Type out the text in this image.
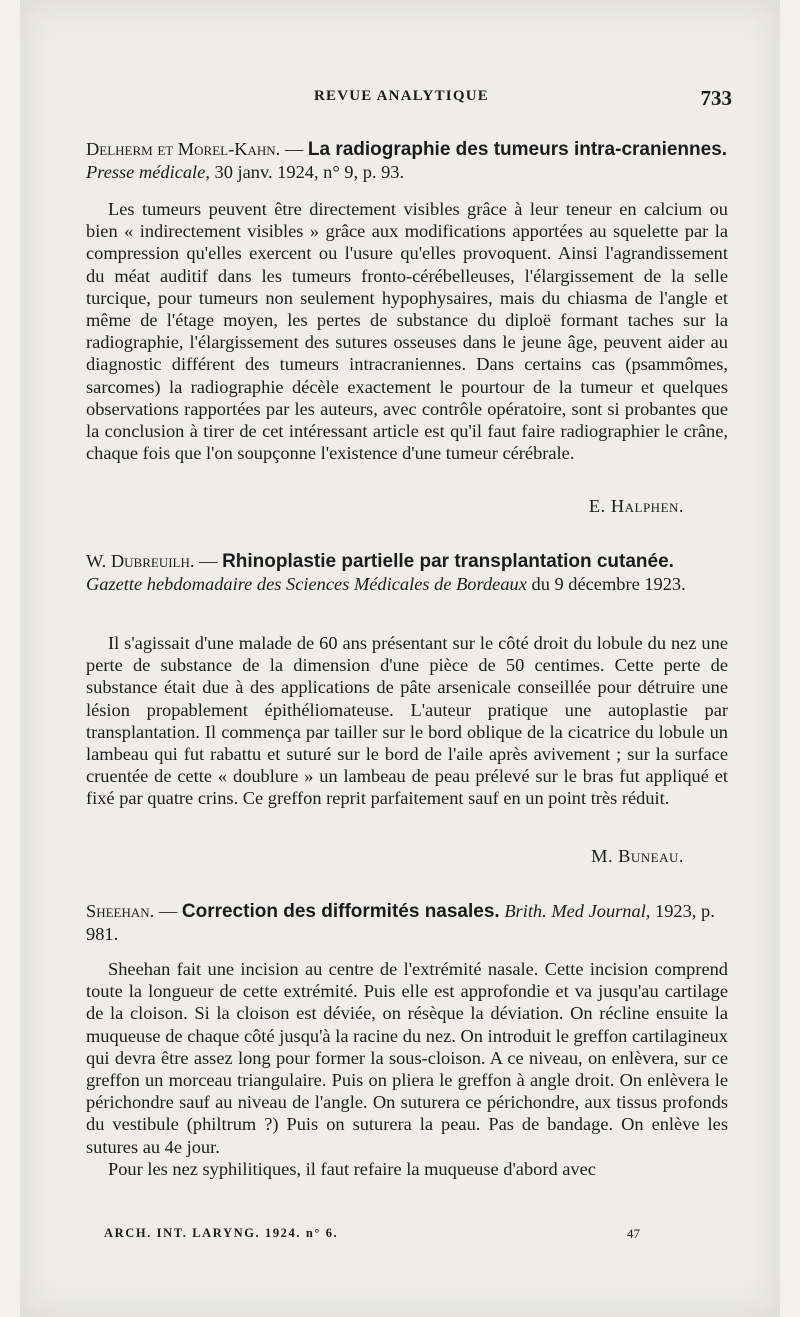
REVUE ANALYTIQUE	733
Delherm et Morel-Kahn. — La radiographie des tumeurs intra-craniennes. Presse médicale, 30 janv. 1924, n° 9, p. 93.

Les tumeurs peuvent être directement visibles grâce à leur teneur en calcium ou bien « indirectement visibles » grâce aux modifications apportées au squelette par la compression qu'elles exercent ou l'usure qu'elles provoquent. Ainsi l'agrandissement du méat auditif dans les tumeurs fronto-cérébelleuses, l'élargissement de la selle turcique, pour tumeurs non seulement hypophysaires, mais du chiasma de l'angle et même de l'étage moyen, les pertes de substance du diploë formant taches sur la radiographie, l'élargissement des sutures osseuses dans le jeune âge, peuvent aider au diagnostic différent des tumeurs intracraniennes. Dans certains cas (psammômes, sarcomes) la radiographie décèle exactement le pourtour de la tumeur et quelques observations rapportées par les auteurs, avec contrôle opératoire, sont si probantes que la conclusion à tirer de cet intéressant article est qu'il faut faire radiographier le crâne, chaque fois que l'on soupçonne l'existence d'une tumeur cérébrale.

E. Halphen.
W. Dubreuilh. — Rhinoplastie partielle par transplantation cutanée. Gazette hebdomadaire des Sciences Médicales de Bordeaux du 9 décembre 1923.

Il s'agissait d'une malade de 60 ans présentant sur le côté droit du lobule du nez une perte de substance de la dimension d'une pièce de 50 centimes. Cette perte de substance était due à des applications de pâte arsenicale conseillée pour détruire une lésion propablement épithéliomateuse. L'auteur pratique une autoplastie par transplantation. Il commença par tailler sur le bord oblique de la cicatrice du lobule un lambeau qui fut rabattu et suturé sur le bord de l'aile après avivement ; sur la surface cruentée de cette « doublure » un lambeau de peau prélevé sur le bras fut appliqué et fixé par quatre crins. Ce greffon reprit parfaitement sauf en un point très réduit.

M. Buneau.
Sheehan. — Correction des difformités nasales. Brith. Med Journal, 1923, p. 981.

Sheehan fait une incision au centre de l'extrémité nasale. Cette incision comprend toute la longueur de cette extrémité. Puis elle est approfondie et va jusqu'au cartilage de la cloison. Si la cloison est déviée, on résèque la déviation. On récline ensuite la muqueuse de chaque côté jusqu'à la racine du nez. On introduit le greffon cartilagineux qui devra être assez long pour former la sous-cloison. A ce niveau, on enlèvera, sur ce greffon un morceau triangulaire. Puis on pliera le greffon à angle droit. On enlèvera le périchondre sauf au niveau de l'angle. On suturera ce périchondre, aux tissus profonds du vestibule (philtrum ?) Puis on suturera la peau. Pas de bandage. On enlève les sutures au 4e jour.

Pour les nez syphilitiques, il faut refaire la muqueuse d'abord avec

ARCH. INT. LARYNG. 1924. n° 6.	47
